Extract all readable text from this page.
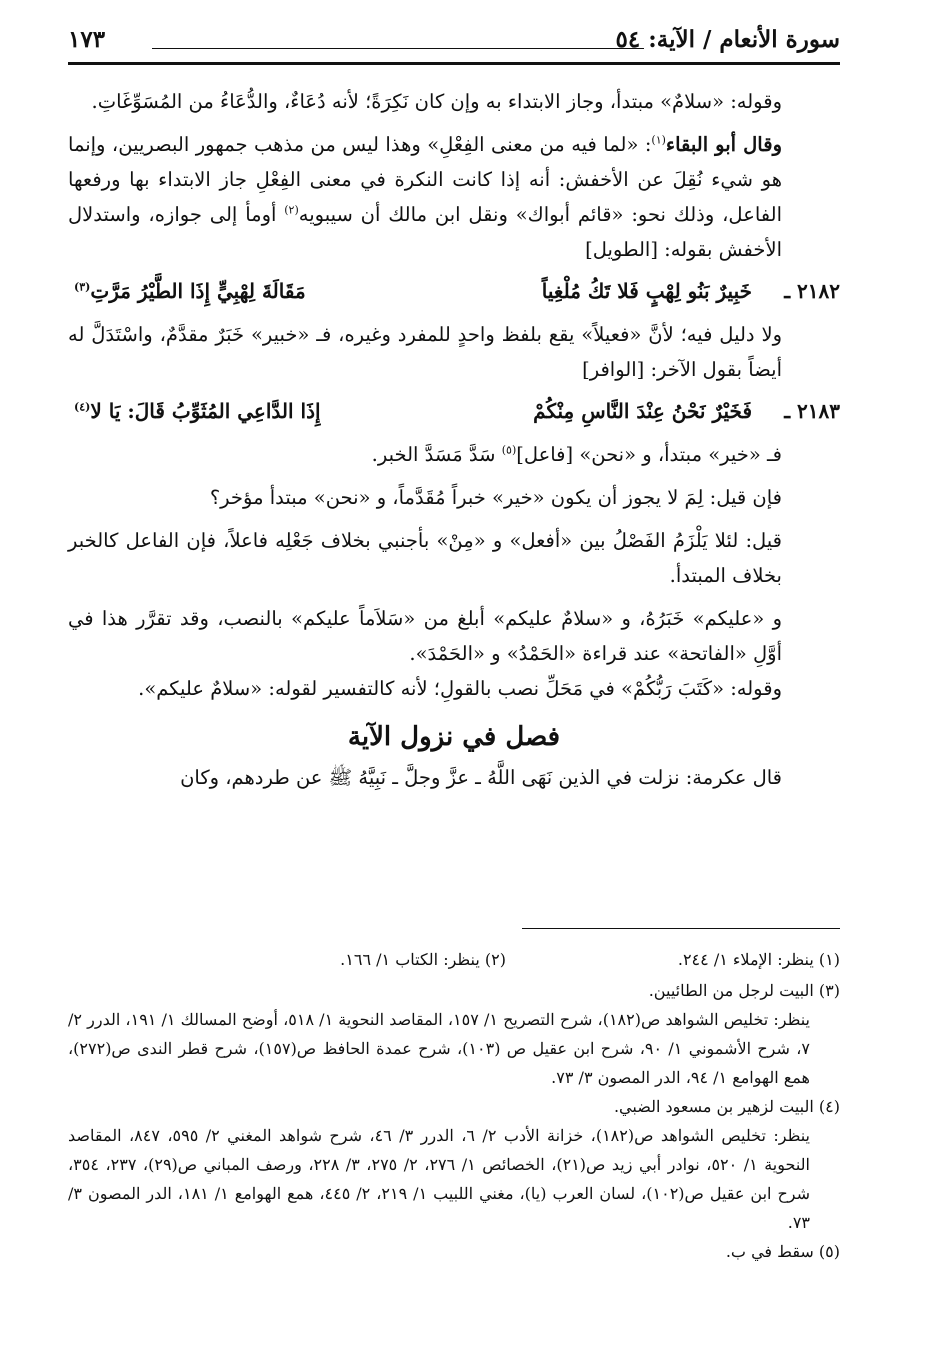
سورة الأنعام / الآية: ٥٤
١٧٣

وقوله: «سلامٌ» مبتدأ، وجاز الابتداء به وإن كان نَكِرَةً؛ لأنه دُعَاءٌ، والدُّعَاءُ من المُسَوِّغَاتِ.

وقال أبو البقاء$^{(١)}$: «لما فيه من معنى الفِعْلِ» وهذا ليس من مذهب جمهور البصريين، وإنما هو شيء نُقِلَ عن الأخفش: أنه إذا كانت النكرة في معنى الفِعْلِ جاز الابتداء بها ورفعها الفاعل، وذلك نحو: «قائم أبواك» ونقل ابن مالك أن سيبويه$^{(٢)}$ أومأ إلى جوازه، واستدلال الأخفش بقوله: [الطويل]

٢١٨٢ ـ
خَبِيرٌ بَنُو لِهْبٍ فَلا تَكُ مُلْغِياً
مَقَالَةَ لِهْبِيٍّ إِذَا الطَّيْرُ مَرَّتِ$^{(٣)}$

ولا دليل فيه؛ لأنَّ «فعيلاً» يقع بلفظ واحدٍ للمفرد وغيره، فـ «خبير» خَبَرٌ مقدَّمٌ، واسْتَدَلَّ له أيضاً بقول الآخر: [الوافر]

٢١٨٣ ـ
فَخَيْرٌ نَحْنُ عِنْدَ النَّاسِ مِنْكُمْ
إِذَا الدَّاعِي المُثَوِّبُ قَالَ: يَا لا$^{(٤)}$

فـ «خير» مبتدأ، و «نحن» [فاعل]$^{(٥)}$ سَدَّ مَسَدَّ الخبر.

فإن قيل: لِمَ لا يجوز أن يكون «خير» خبراً مُقَدَّماً، و «نحن» مبتدأ مؤخر؟

قيل: لئلا يَلْزَمُ الفَصْلُ بين «أفعل» و «مِنْ» بأجنبي بخلاف جَعْلِه فاعلاً، فإن الفاعل كالخبر بخلاف المبتدأ.

و «عليكم» خَبَرُهُ، و «سلامٌ عليكم» أبلغ من «سَلاَماً عليكم» بالنصب، وقد تقرَّر هذا في أوَّلِ «الفاتحة» عند قراءة «الحَمْدُ» و «الحَمْدَ».

وقوله: «كَتَبَ رَبُّكُمْ» في مَحَلِّ نصب بالقولِ؛ لأنه كالتفسير لقوله: «سلامٌ عليكم».

فصل في نزول الآية

قال عكرمة: نزلت في الذين نَهَى اللَّهُ ـ عزَّ وجلَّ ـ نَبِيَّهُ ﷺ عن طردهم، وكان

(١) ينظر: الإملاء ١/ ٢٤٤.
(٢) ينظر: الكتاب ١/ ١٦٦.

(٣) البيت لرجل من الطائيين.

ينظر: تخليص الشواهد ص(١٨٢)، شرح التصريح ١/ ١٥٧، المقاصد النحوية ١/ ٥١٨، أوضح المسالك ١/ ١٩١، الدرر ٢/ ٧، شرح الأشموني ١/ ٩٠، شرح ابن عقيل ص (١٠٣)، شرح عمدة الحافظ ص(١٥٧)، شرح قطر الندى ص(٢٧٢)، همع الهوامع ١/ ٩٤، الدر المصون ٣/ ٧٣.

(٤) البيت لزهير بن مسعود الضبي.

ينظر: تخليص الشواهد ص(١٨٢)، خزانة الأدب ٢/ ٦، الدرر ٣/ ٤٦، شرح شواهد المغني ٢/ ٥٩٥، ٨٤٧، المقاصد النحوية ١/ ٥٢٠، نوادر أبي زيد ص(٢١)، الخصائص ١/ ٢٧٦، ٢/ ٢٧٥، ٣/ ٢٢٨، ورصف المباني ص(٢٩)، ٢٣٧، ٣٥٤، شرح ابن عقيل ص(١٠٢)، لسان العرب (يا)، مغني اللبيب ١/ ٢١٩، ٢/ ٤٤٥، همع الهوامع ١/ ١٨١، الدر المصون ٣/ ٧٣.

(٥) سقط في ب.
